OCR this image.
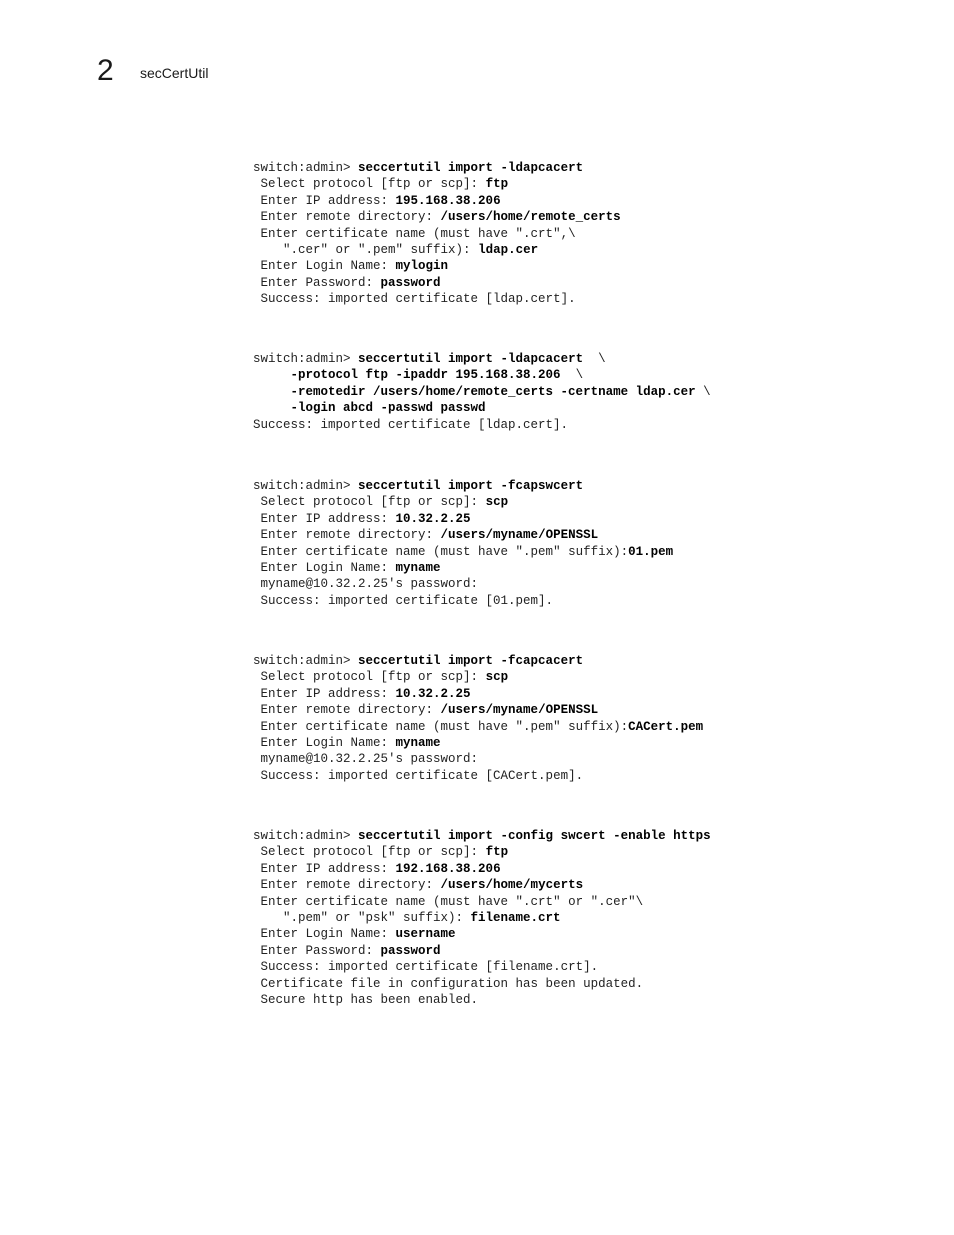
2 secCertUtil
switch:admin> seccertutil import -ldapcacert
Select protocol [ftp or scp]: ftp
Enter IP address: 195.168.38.206
Enter remote directory: /users/home/remote_certs
Enter certificate name (must have ".crt",\
".cer" or ".pem" suffix): ldap.cer
Enter Login Name: mylogin
Enter Password: password
Success: imported certificate [ldap.cert].
switch:admin> seccertutil import -ldapcacert  \
-protocol ftp -ipaddr 195.168.38.206  \
-remotedir /users/home/remote_certs -certname ldap.cer \
-login abcd -passwd passwd
Success: imported certificate [ldap.cert].
switch:admin> seccertutil import -fcapswcert
Select protocol [ftp or scp]: scp
Enter IP address: 10.32.2.25
Enter remote directory: /users/myname/OPENSSL
Enter certificate name (must have ".pem" suffix):01.pem
Enter Login Name: myname
myname@10.32.2.25's password:
Success: imported certificate [01.pem].
switch:admin> seccertutil import -fcapcacert
Select protocol [ftp or scp]: scp
Enter IP address: 10.32.2.25
Enter remote directory: /users/myname/OPENSSL
Enter certificate name (must have ".pem" suffix):CACert.pem
Enter Login Name: myname
myname@10.32.2.25's password:
Success: imported certificate [CACert.pem].
switch:admin> seccertutil import -config swcert -enable https
Select protocol [ftp or scp]: ftp
Enter IP address: 192.168.38.206
Enter remote directory: /users/home/mycerts
Enter certificate name (must have ".crt" or ".cer"\
".pem" or "psk" suffix): filename.crt
Enter Login Name: username
Enter Password: password
Success: imported certificate [filename.crt].
Certificate file in configuration has been updated.
Secure http has been enabled.
